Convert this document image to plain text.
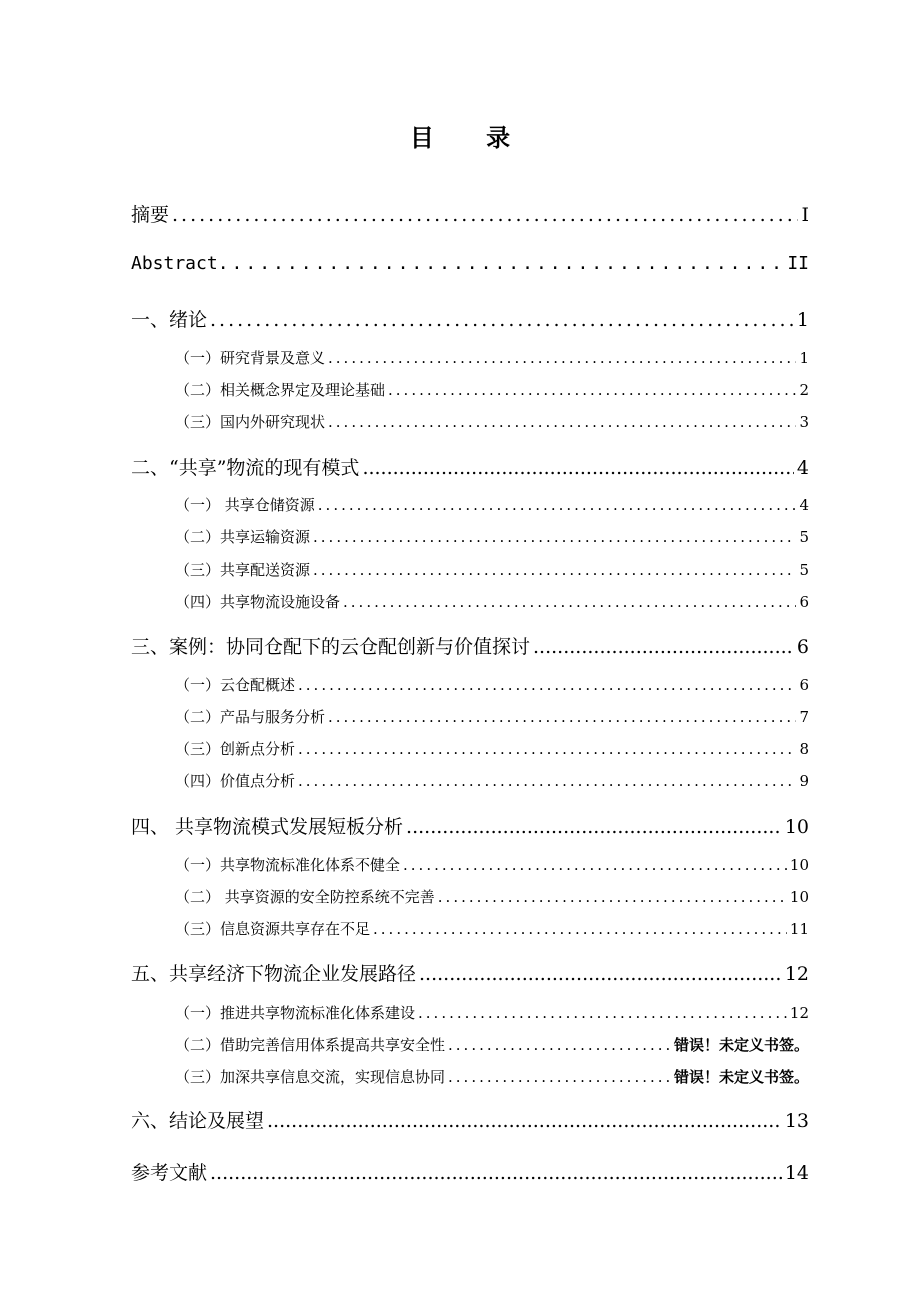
目 录
摘要 .....	I
Abstract. .....	II
一、绪论 .....	1
（一）研究背景及意义 .....	1
（二）相关概念界定及理论基础 .....	2
（三）国内外研究现状 .....	3
二、“共享”物流的现有模式 .....	4
（一） 共享仓储资源 .....	4
（二）共享运输资源 .....	5
（三）共享配送资源 .....	5
（四）共享物流设施设备 .....	6
三、案例：协同仓配下的云仓配创新与价值探讨 .....	6
（一）云仓配概述 .....	6
（二）产品与服务分析 .....	7
（三）创新点分析 .....	8
（四）价值点分析 .....	9
四、 共享物流模式发展短板分析 .....	10
（一）共享物流标准化体系不健全 .....	10
（二） 共享资源的安全防控系统不完善 .....	10
（三）信息资源共享存在不足 .....	11
五、共享经济下物流企业发展路径 .....	12
（一）推进共享物流标准化体系建设 .....	12
（二）借助完善信用体系提高共享安全性 .....	错误！未定义书签。
（三）加深共享信息交流，实现信息协同 .....	错误！未定义书签。
六、结论及展望 .....	13
参考文献 .....	14
